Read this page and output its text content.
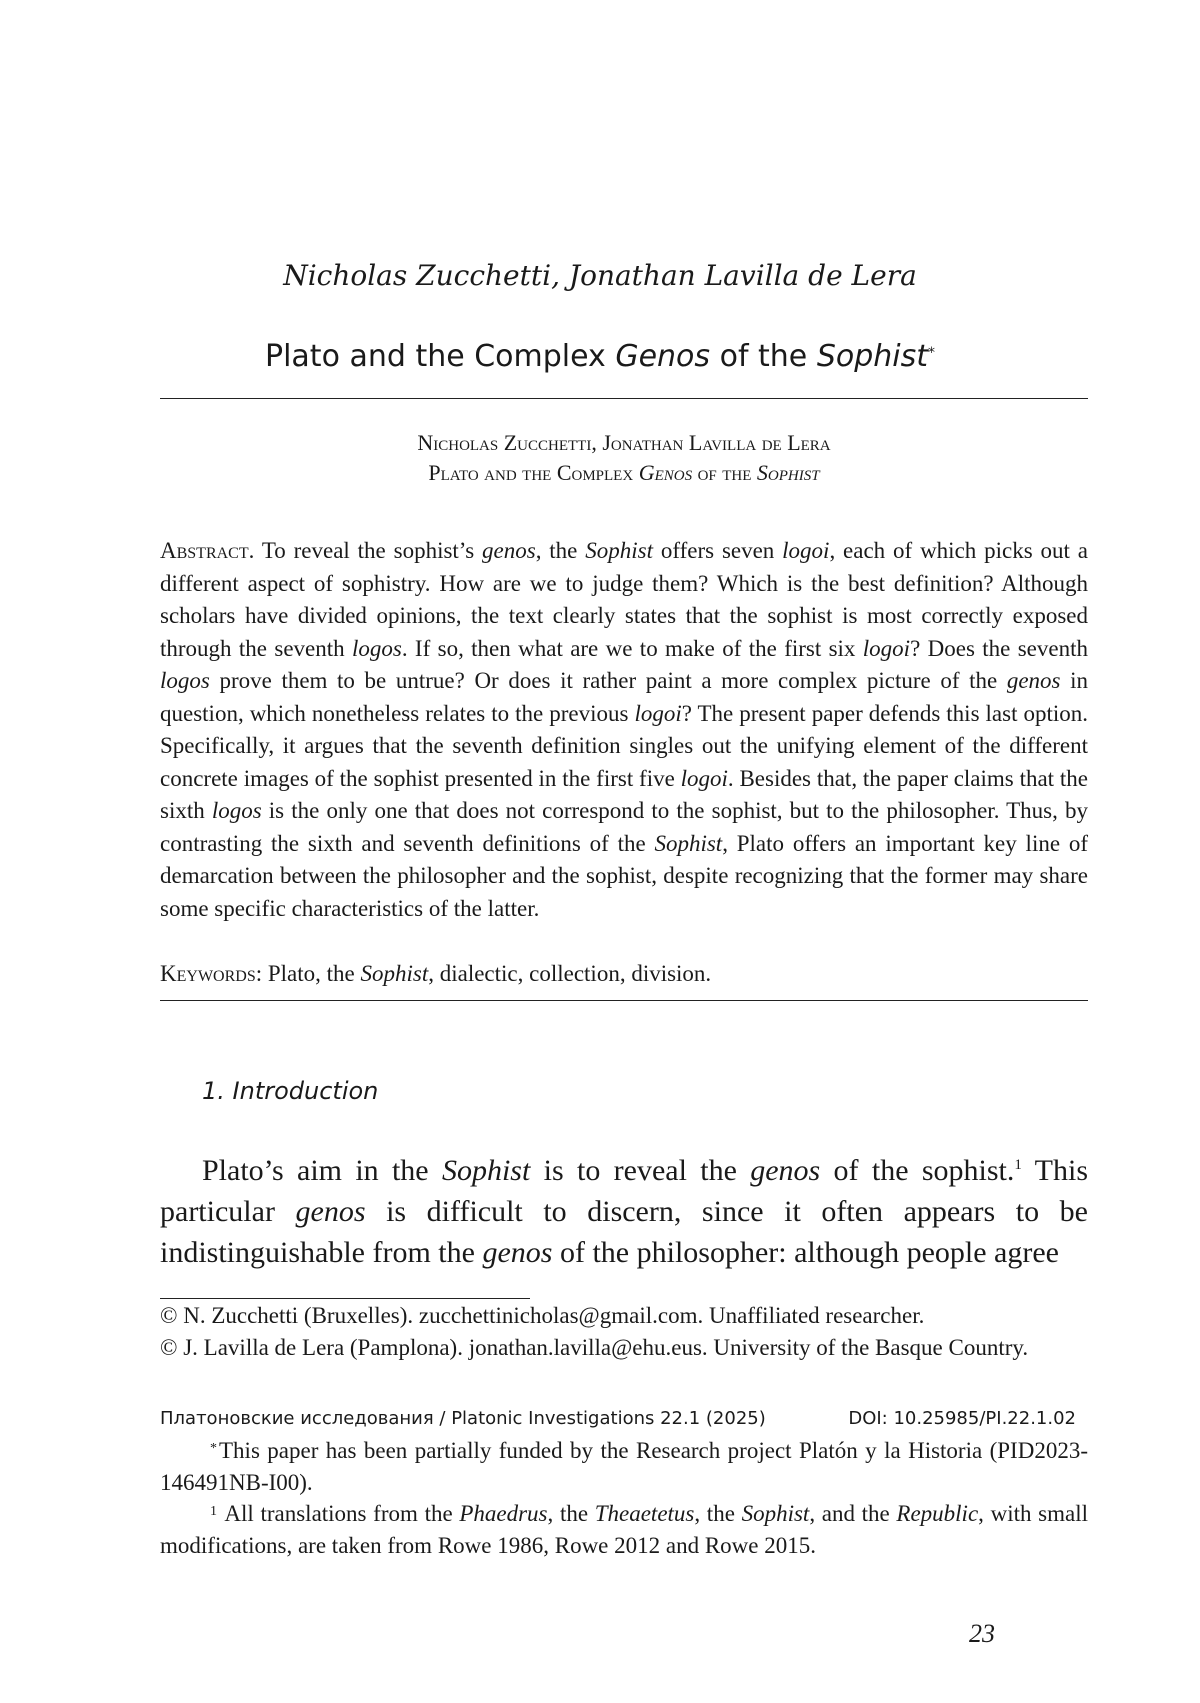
Nicholas Zucchetti, Jonathan Lavilla de Lera
Plato and the Complex Genos of the Sophist*
Nicholas Zucchetti, Jonathan Lavilla de Lera
Plato and the Complex Genos of the Sophist
Abstract. To reveal the sophist’s genos, the Sophist offers seven logoi, each of which picks out a different aspect of sophistry. How are we to judge them? Which is the best definition? Although scholars have divided opinions, the text clearly states that the sophist is most correctly exposed through the seventh logos. If so, then what are we to make of the first six logoi? Does the seventh logos prove them to be untrue? Or does it rather paint a more complex picture of the genos in question, which nonetheless relates to the previous logoi? The present paper defends this last option. Specifically, it argues that the seventh definition singles out the unifying element of the different concrete images of the sophist presented in the first five logoi. Besides that, the paper claims that the sixth logos is the only one that does not correspond to the sophist, but to the philosopher. Thus, by contrasting the sixth and seventh definitions of the Sophist, Plato offers an important key line of demarcation between the philosopher and the sophist, despite recognizing that the former may share some specific characteristics of the latter.
Keywords: Plato, the Sophist, dialectic, collection, division.
1. Introduction

Plato’s aim in the Sophist is to reveal the genos of the sophist.$^1$ This particular genos is difficult to discern, since it often appears to be indistinguishable from the genos of the philosopher: although people agree

© N. Zucchetti (Bruxelles). zucchettinicholas@gmail.com. Unaffiliated researcher.
© J. Lavilla de Lera (Pamplona). jonathan.lavilla@ehu.eus. University of the Basque Country.
Платоновские исследования / Platonic Investigations 22.1 (2025)	DOI: 10.25985/PI.22.1.02

*This paper has been partially funded by the Research project Platón y la Historia (PID2023-146491NB-I00).

$^1$ All translations from the Phaedrus, the Theaetetus, the Sophist, and the Republic, with small modifications, are taken from Rowe 1986, Rowe 2012 and Rowe 2015.

23
